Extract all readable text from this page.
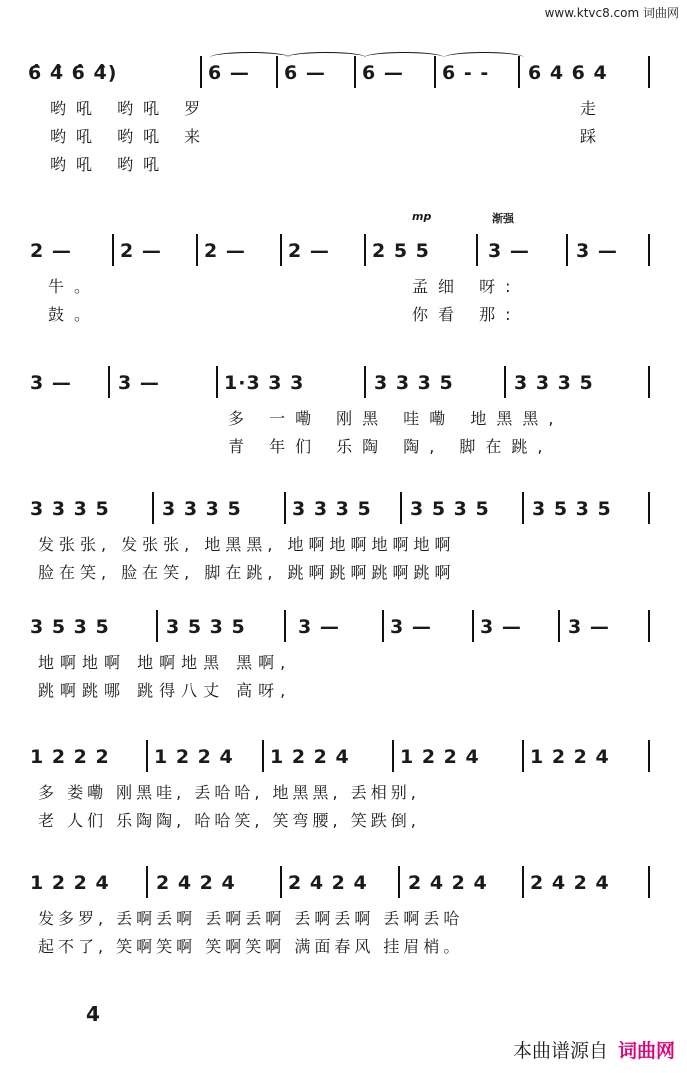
www.ktvc8.com 词曲网
6̂ 4̂ 6̂ 4̂)	6 — 6 — 6 — 6 - - 6 4 6 4
哟吼 哟吼 罗	走
哟吼 哟吼 来	踩
哟吼 哟吼
mp	渐强
2 —	2 — 2 — 2 — 2 5 5	3 — 3 —
牛。	孟细 呀:
鼓。	你看 那:
3 — 3 —	1·3 3 3	3 3 3 5	3 3 3 5
多 一嘞 刚黑 哇嘞 地黑黑,
青 年们 乐陶 陶, 脚在跳,
3 3 3 5	3 3 3 5	3 3 3 5 3 5 3 5 3 5 3 5
发张张, 发张张, 地黑黑, 地啊地啊地啊地啊
脸在笑, 脸在笑, 脚在跳, 跳啊跳啊跳啊跳啊
3 5 3 5	3 5 3 5	3 —	3 —	3 — 3 —
地啊地啊 地啊地黑 黑啊,
跳啊跳哪 跳得八丈 高呀,
1 2 2 2 1 2 2 4 1 2 2 4	1 2 2 4	1 2 2 4
多 娄嘞 刚黑哇, 丢哈哈, 地黑黑, 丢相别,
老 人们 乐陶陶, 哈哈笑, 笑弯腰, 笑跌倒,
1 2 2 4 2 4 2 4	2 4 2 4 2 4 2 4 2 4 2 4
发多罗, 丢啊丢啊 丢啊丢啊 丢啊丢啊 丢啊丢哈
起不了, 笑啊笑啊 笑啊笑啊 满面春风 挂眉梢。
4
本曲谱源自 词曲网
